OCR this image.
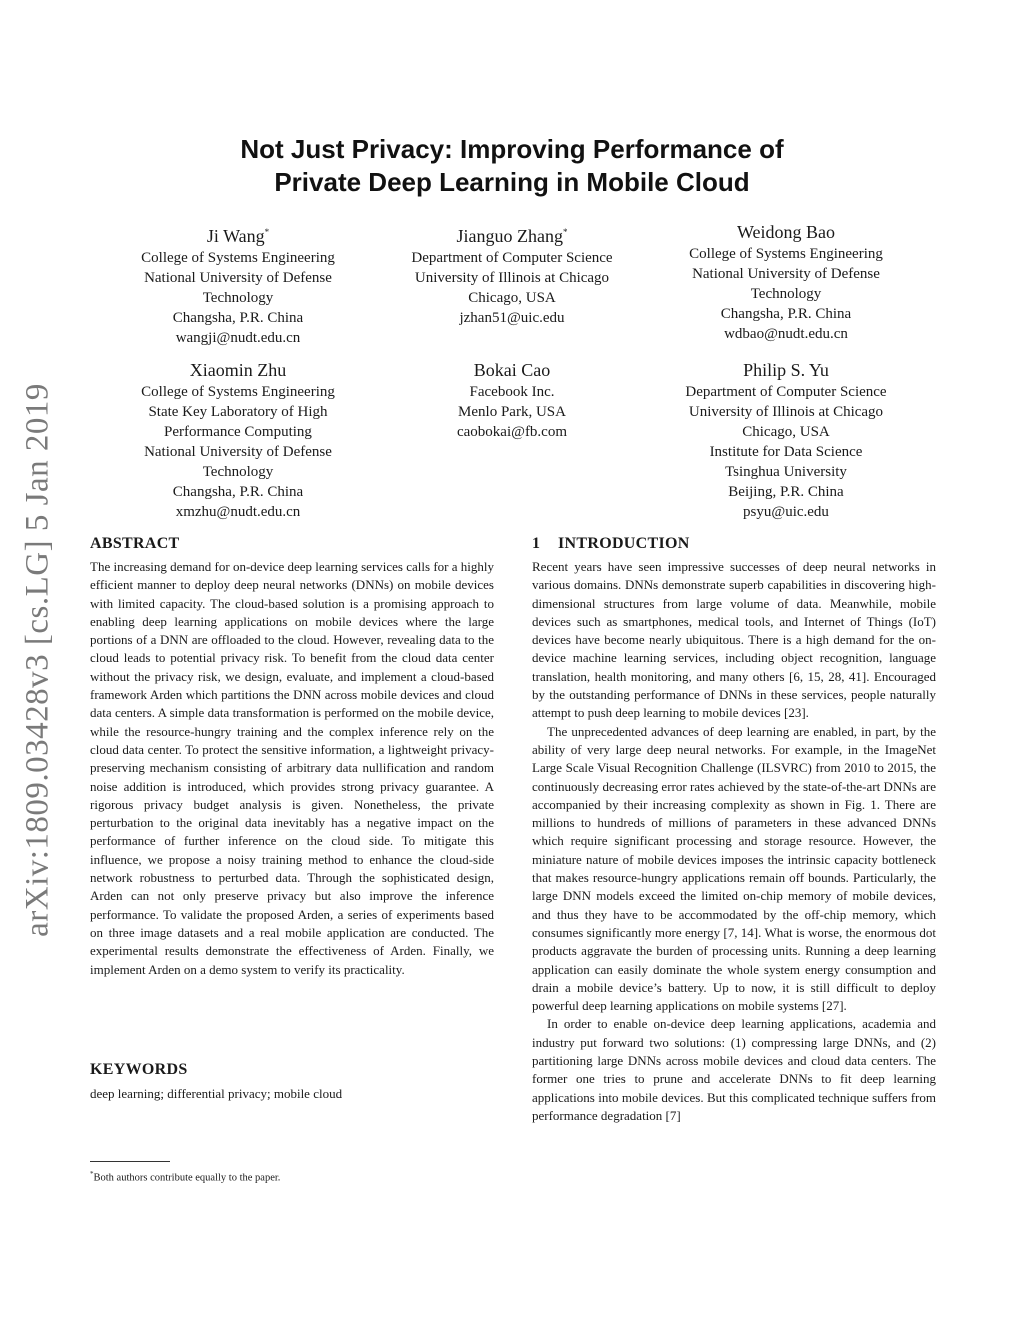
arXiv:1809.03428v3 [cs.LG] 5 Jan 2019
Not Just Privacy: Improving Performance of
Private Deep Learning in Mobile Cloud
Ji Wang*
College of Systems Engineering
National University of Defense
Technology
Changsha, P.R. China
wangji@nudt.edu.cn
Jianguo Zhang*
Department of Computer Science
University of Illinois at Chicago
Chicago, USA
jzhan51@uic.edu
Weidong Bao
College of Systems Engineering
National University of Defense
Technology
Changsha, P.R. China
wdbao@nudt.edu.cn
Xiaomin Zhu
College of Systems Engineering
State Key Laboratory of High
Performance Computing
National University of Defense
Technology
Changsha, P.R. China
xmzhu@nudt.edu.cn
Bokai Cao
Facebook Inc.
Menlo Park, USA
caobokai@fb.com
Philip S. Yu
Department of Computer Science
University of Illinois at Chicago
Chicago, USA
Institute for Data Science
Tsinghua University
Beijing, P.R. China
psyu@uic.edu
ABSTRACT

The increasing demand for on-device deep learning services calls for a highly efficient manner to deploy deep neural networks (DNNs) on mobile devices with limited capacity. The cloud-based solution is a promising approach to enabling deep learning applications on mobile devices where the large portions of a DNN are offloaded to the cloud. However, revealing data to the cloud leads to potential privacy risk. To benefit from the cloud data center without the privacy risk, we design, evaluate, and implement a cloud-based framework Arden which partitions the DNN across mobile devices and cloud data centers. A simple data transformation is performed on the mobile device, while the resource-hungry training and the complex inference rely on the cloud data center. To protect the sensitive information, a lightweight privacy-preserving mechanism consisting of arbitrary data nullification and random noise addition is introduced, which provides strong privacy guarantee. A rigorous privacy budget analysis is given. Nonetheless, the private perturbation to the original data inevitably has a negative impact on the performance of further inference on the cloud side. To mitigate this influence, we propose a noisy training method to enhance the cloud-side network robustness to perturbed data. Through the sophisticated design, Arden can not only preserve privacy but also improve the inference performance. To validate the proposed Arden, a series of experiments based on three image datasets and a real mobile application are conducted. The experimental results demonstrate the effectiveness of Arden. Finally, we implement Arden on a demo system to verify its practicality.

KEYWORDS

deep learning; differential privacy; mobile cloud

*Both authors contribute equally to the paper.
1 INTRODUCTION

Recent years have seen impressive successes of deep neural networks in various domains. DNNs demonstrate superb capabilities in discovering high-dimensional structures from large volume of data. Meanwhile, mobile devices such as smartphones, medical tools, and Internet of Things (IoT) devices have become nearly ubiquitous. There is a high demand for the on-device machine learning services, including object recognition, language translation, health monitoring, and many others [6, 15, 28, 41]. Encouraged by the outstanding performance of DNNs in these services, people naturally attempt to push deep learning to mobile devices [23].

The unprecedented advances of deep learning are enabled, in part, by the ability of very large deep neural networks. For example, in the ImageNet Large Scale Visual Recognition Challenge (ILSVRC) from 2010 to 2015, the continuously decreasing error rates achieved by the state-of-the-art DNNs are accompanied by their increasing complexity as shown in Fig. 1. There are millions to hundreds of millions of parameters in these advanced DNNs which require significant processing and storage resource. However, the miniature nature of mobile devices imposes the intrinsic capacity bottleneck that makes resource-hungry applications remain off bounds. Particularly, the large DNN models exceed the limited on-chip memory of mobile devices, and thus they have to be accommodated by the off-chip memory, which consumes significantly more energy [7, 14]. What is worse, the enormous dot products aggravate the burden of processing units. Running a deep learning application can easily dominate the whole system energy consumption and drain a mobile device’s battery. Up to now, it is still difficult to deploy powerful deep learning applications on mobile systems [27].

In order to enable on-device deep learning applications, academia and industry put forward two solutions: (1) compressing large DNNs, and (2) partitioning large DNNs across mobile devices and cloud data centers. The former one tries to prune and accelerate DNNs to fit deep learning applications into mobile devices. But this complicated technique suffers from performance degradation [7]
